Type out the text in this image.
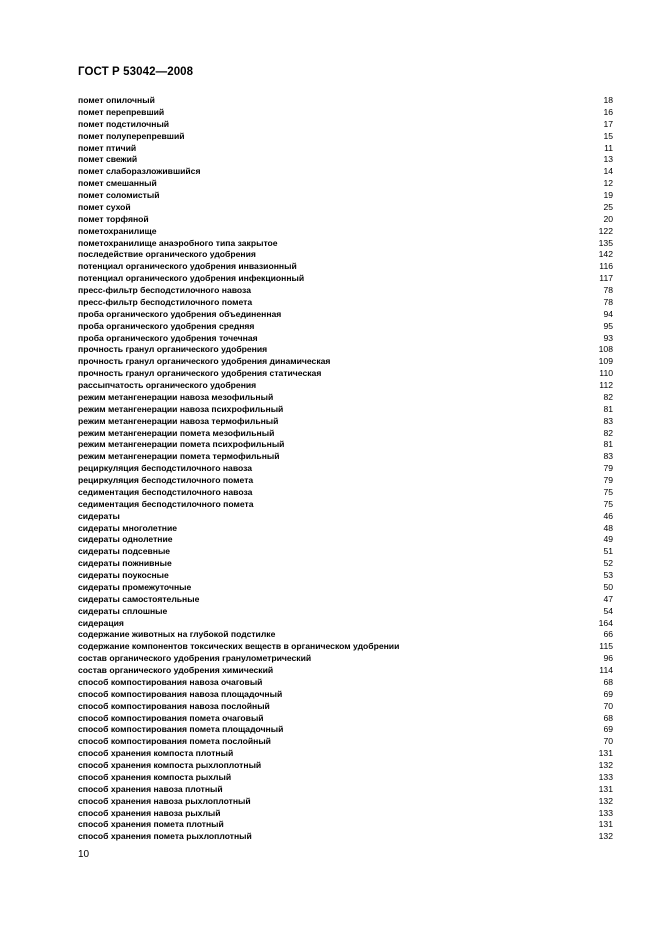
ГОСТ Р 53042—2008
помет опилочный	18
помет перепревший	16
помет подстилочный	17
помет полуперепревший	15
помет птичий	11
помет свежий	13
помет слаборазложившийся	14
помет смешанный	12
помет соломистый	19
помет сухой	25
помет торфяной	20
пометохранилище	122
пометохранилище анаэробного типа закрытое	135
последействие органического удобрения	142
потенциал органического удобрения инвазионный	116
потенциал органического удобрения инфекционный	117
пресс-фильтр бесподстилочного навоза	78
пресс-фильтр бесподстилочного помета	78
проба органического удобрения объединенная	94
проба органического удобрения средняя	95
проба органического удобрения точечная	93
прочность гранул органического удобрения	108
прочность гранул органического удобрения динамическая	109
прочность гранул органического удобрения статическая	110
рассыпчатость органического удобрения	112
режим метангенерации навоза мезофильный	82
режим метангенерации навоза психрофильный	81
режим метангенерации навоза термофильный	83
режим метангенерации помета мезофильный	82
режим метангенерации помета психрофильный	81
режим метангенерации помета термофильный	83
рециркуляция бесподстилочного навоза	79
рециркуляция бесподстилочного помета	79
седиментация бесподстилочного навоза	75
седиментация бесподстилочного помета	75
сидераты	46
сидераты многолетние	48
сидераты однолетние	49
сидераты подсевные	51
сидераты пожнивные	52
сидераты поукосные	53
сидераты промежуточные	50
сидераты самостоятельные	47
сидераты сплошные	54
сидерация	164
содержание животных на глубокой подстилке	66
содержание компонентов токсических веществ в органическом удобрении	115
состав органического удобрения гранулометрический	96
состав органического удобрения химический	114
способ компостирования навоза очаговый	68
способ компостирования навоза площадочный	69
способ компостирования навоза послойный	70
способ компостирования помета очаговый	68
способ компостирования помета площадочный	69
способ компостирования помета послойный	70
способ хранения компоста плотный	131
способ хранения компоста рыхлоплотный	132
способ хранения компоста рыхлый	133
способ хранения навоза плотный	131
способ хранения навоза рыхлоплотный	132
способ хранения навоза рыхлый	133
способ хранения помета плотный	131
способ хранения помета рыхлоплотный	132
10
